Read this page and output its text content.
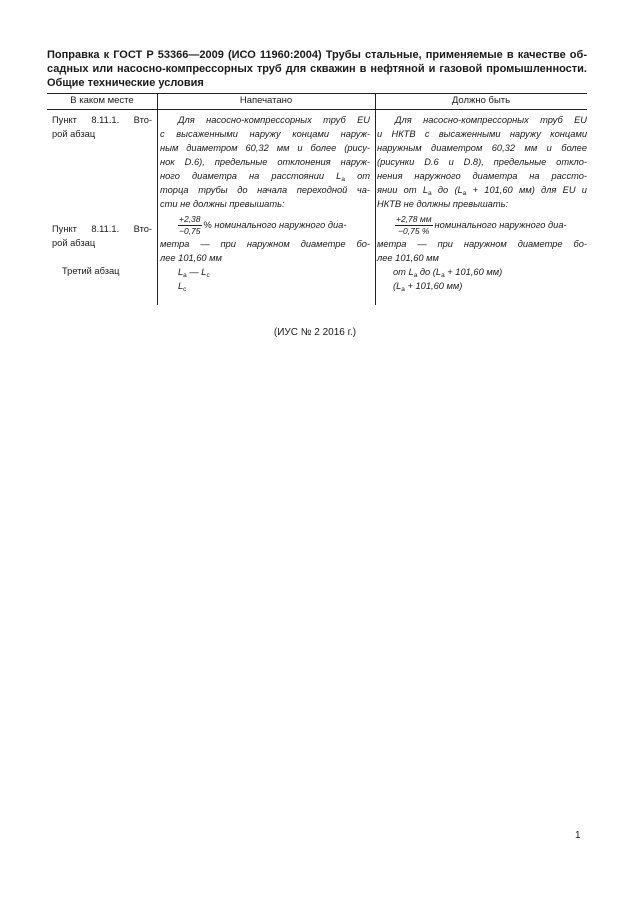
Поправка к ГОСТ Р 53366—2009 (ИСО 11960:2004) Трубы стальные, применяемые в качестве об-
садных или насосно-компрессорных труб для скважин в нефтяной и газовой промышленности.
Общие технические условия
В каком месте	Напечатано	Должно быть
Пункт 8.11.1. Вто-
рой абзац
Для насосно-компрессорных труб EU
с высаженными наружу концами наруж-
ным диаметром 60,32 мм и более (рису-
нок D.6), предельные отклонения наруж-
ного диаметра на расстоянии $L_a$ от
торца трубы до начала переходной ча-
сти не должны превышать:
Для насосно-компрессорных труб EU
и НКТВ с высаженными наружу концами
наружным диаметром 60,32 мм и более
(рисунки D.6 и D.8), предельные откло-
нения наружного диаметра на рассто-
янии от $L_a$ до ($L_a + 101,60$ мм) для EU и
НКТВ не должны превышать:
Пункт 8.11.1. Вто-
рой абзац
Третий абзац
$\frac{+2,38}{-0,75}$ % номинального наружного диа-
метра — при наружном диаметре бо-
лее 101,60 мм
$L_a$ — $L_c$
$L_c$
$\frac{+2,78 мм}{-0,75 \%}$ номинального наружного диа-
метра — при наружном диаметре бо-
лее 101,60 мм
от $L_a$ до ($L_a + 101,60$ мм)
($L_a + 101,60$ мм)
(ИУС № 2 2016 г.)
1
